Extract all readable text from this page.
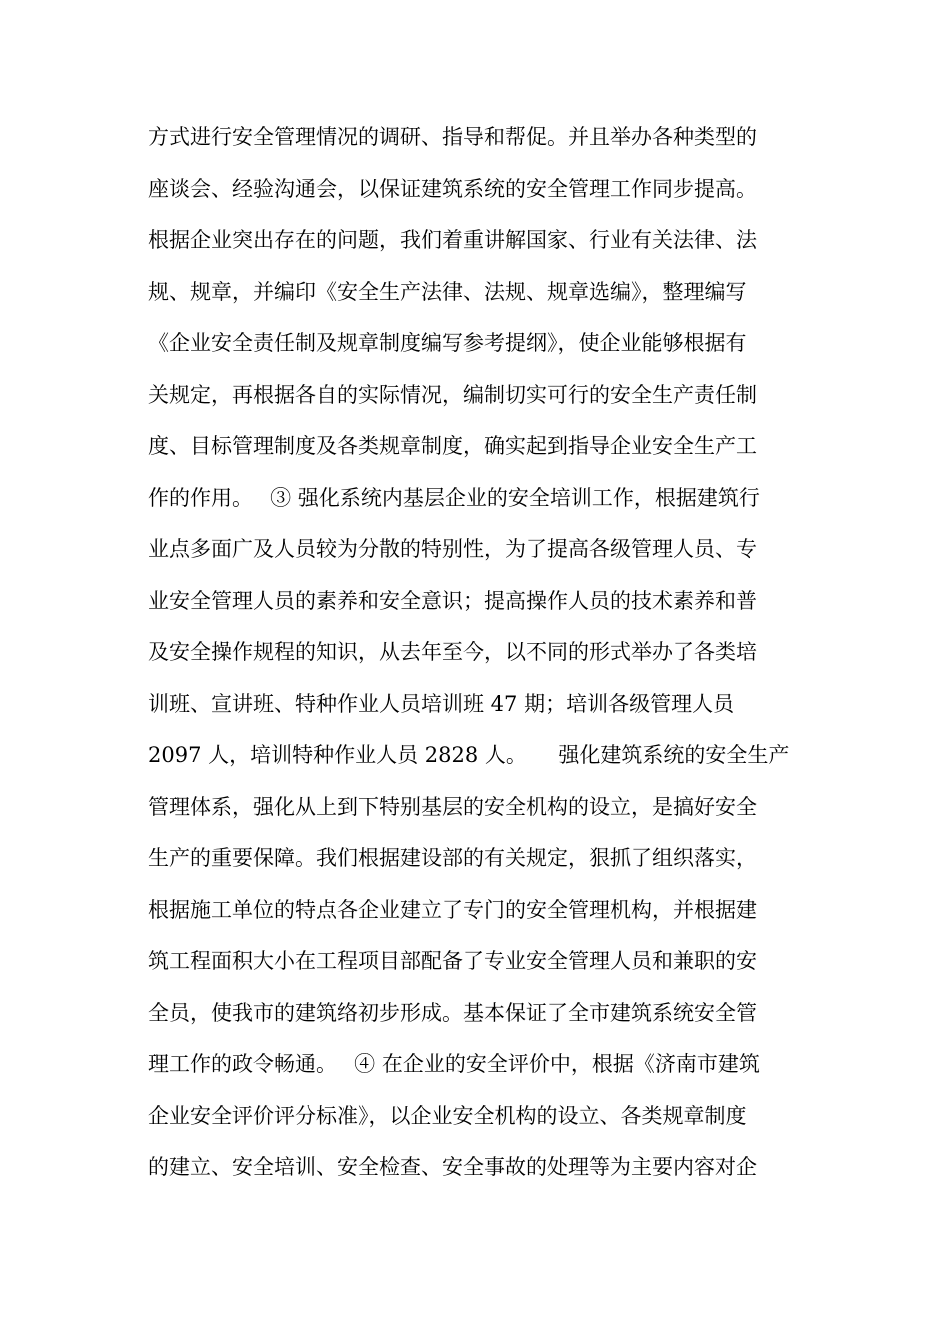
方式进行安全管理情况的调研、指导和帮促。并且举办各种类型的
座谈会、经验沟通会，以保证建筑系统的安全管理工作同步提高。
根据企业突出存在的问题，我们着重讲解国家、行业有关法律、法
规、规章，并编印《安全生产法律、法规、规章选编》，整理编写
《企业安全责任制及规章制度编写参考提纲》，使企业能够根据有
关规定，再根据各自的实际情况，编制切实可行的安全生产责任制
度、目标管理制度及各类规章制度，确实起到指导企业安全生产工
作的作用。　 ③ 强化系统内基层企业的安全培训工作，根据建筑行
业点多面广及人员较为分散的特别性，为了提高各级管理人员、专
业安全管理人员的素养和安全意识；提高操作人员的技术素养和普
及安全操作规程的知识，从去年至今，以不同的形式举办了各类培
训班、宣讲班、特种作业人员培训班 47 期；培训各级管理人员
2097 人，培训特种作业人员 2828 人。　　强化建筑系统的安全生产
管理体系，强化从上到下特别基层的安全机构的设立，是搞好安全
生产的重要保障。我们根据建设部的有关规定，狠抓了组织落实，
根据施工单位的特点各企业建立了专门的安全管理机构，并根据建
筑工程面积大小在工程项目部配备了专业安全管理人员和兼职的安
全员，使我市的建筑络初步形成。基本保证了全市建筑系统安全管
理工作的政令畅通。　 ④ 在企业的安全评价中，根据《济南市建筑
企业安全评价评分标准》，以企业安全机构的设立、各类规章制度
的建立、安全培训、安全检查、安全事故的处理等为主要内容对企
